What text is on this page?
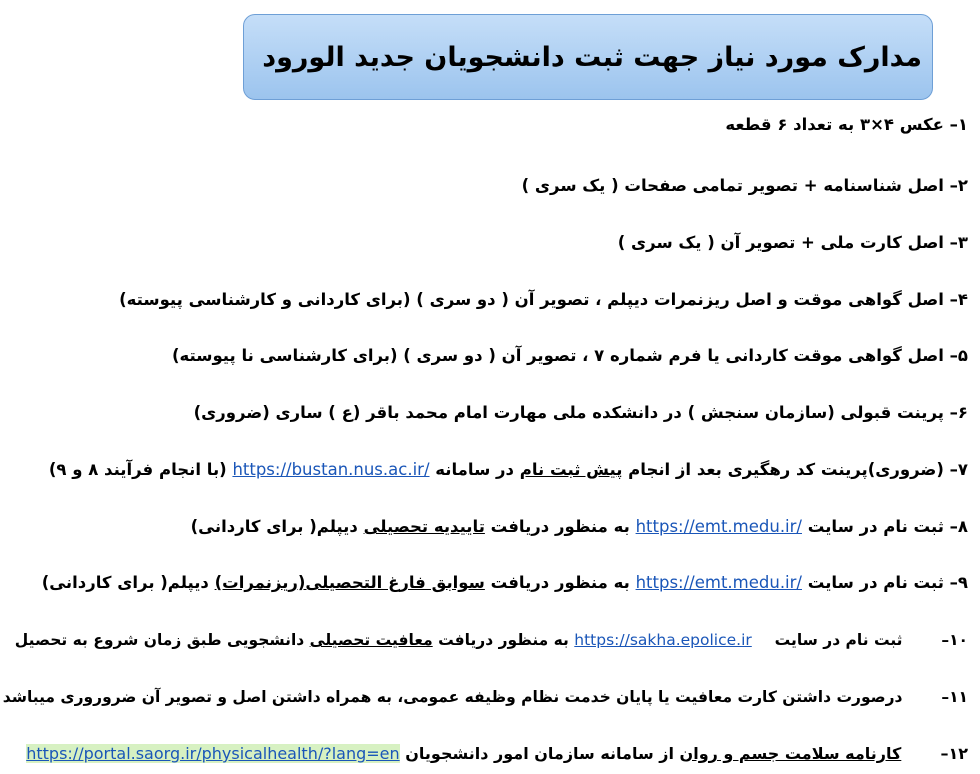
مدارک مورد نیاز جهت ثبت دانشجویان جدید الورود
۱– عکس ۴×۳ به تعداد ۶ قطعه
۲– اصل شناسنامه + تصویر تمامی صفحات ( یک سری )
۳– اصل کارت ملی + تصویر آن ( یک سری )
۴– اصل گواهی موقت و اصل ریزنمرات دیپلم ، تصویر آن ( دو سری ) (برای کاردانی و کارشناسی پیوسته)
۵– اصل گواهی موقت کاردانی یا فرم شماره ۷ ، تصویر آن ( دو سری ) (برای کارشناسی نا پیوسته)
۶– پرینت قبولی (سازمان سنجش ) در دانشکده ملی مهارت امام محمد باقر (ع ) ساری (ضروری)
۷– (ضروری)پرینت کد رهگیری بعد از انجام پیش ثبت نام در سامانه https://bustan.nus.ac.ir/ (با انجام فرآیند ۸ و ۹)
۸– ثبت نام در سایت https://emt.medu.ir/ به منظور دریافت تاییدیه تحصیلی دیپلم( برای کاردانی)
۹– ثبت نام در سایت https://emt.medu.ir/ به منظور دریافت سوابق فارغ التحصیلی(ریزنمرات) دیپلم( برای کاردانی)
۱۰–  ثبت نام در سایت  https://sakha.epolice.ir به منظور دریافت معافیت تحصیلی دانشجویی طبق زمان شروع به تحصیل
۱۱–  درصورت داشتن کارت معافیت یا پایان خدمت نظام وظیفه عمومی، به همراه داشتن اصل و تصویر آن ضروروری میباشد
۱۲–  کارنامه سلامت جسم و روان از سامانه سازمان امور دانشجویان https://portal.saorg.ir/physicalhealth/?lang=en
